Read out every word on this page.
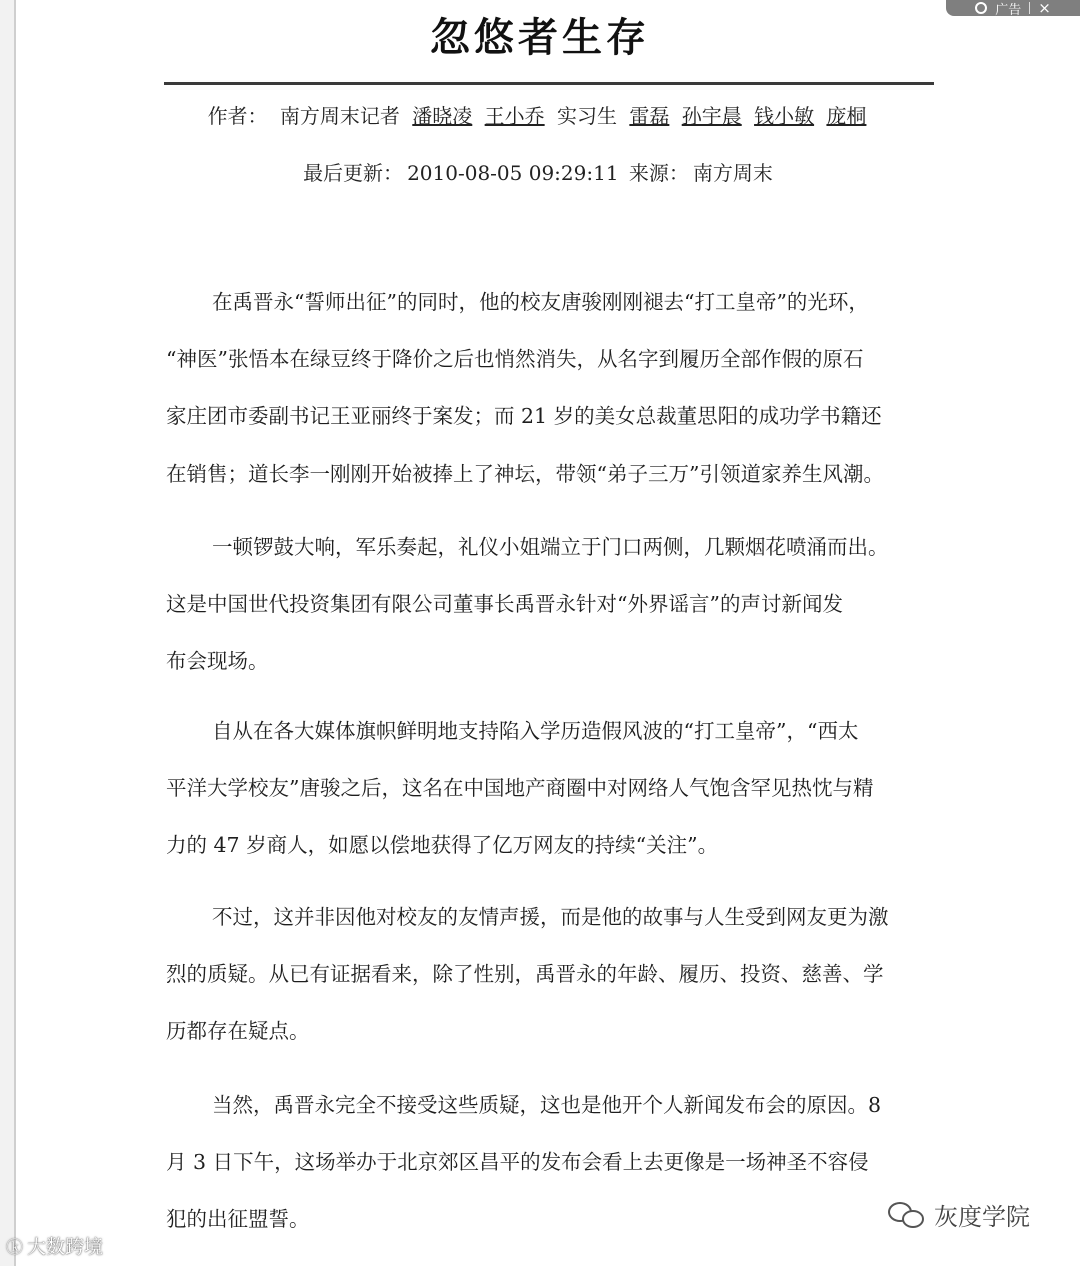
广告 ×
忽悠者生存
作者： 南方周末记者 潘晓凌 王小乔 实习生 雷磊 孙宇晨 钱小敏 庞桐
最后更新： 2010-08-05 09:29:11 来源： 南方周末
在禹晋永“誓师出征”的同时，他的校友唐骏刚刚褪去“打工皇帝”的光环，
“神医”张悟本在绿豆终于降价之后也悄然消失，从名字到履历全部作假的原石
家庄团市委副书记王亚丽终于案发；而 21 岁的美女总裁董思阳的成功学书籍还
在销售；道长李一刚刚开始被捧上了神坛，带领“弟子三万”引领道家养生风潮。
一顿锣鼓大响，军乐奏起，礼仪小姐端立于门口两侧，几颗烟花喷涌而出。
这是中国世代投资集团有限公司董事长禹晋永针对“外界谣言”的声讨新闻发
布会现场。
自从在各大媒体旗帜鲜明地支持陷入学历造假风波的“打工皇帝”，“西太
平洋大学校友”唐骏之后，这名在中国地产商圈中对网络人气饱含罕见热忱与精
力的 47 岁商人，如愿以偿地获得了亿万网友的持续“关注”。
不过，这并非因他对校友的友情声援，而是他的故事与人生受到网友更为激
烈的质疑。从已有证据看来，除了性别，禹晋永的年龄、履历、投资、慈善、学
历都存在疑点。
当然，禹晋永完全不接受这些质疑，这也是他开个人新闻发布会的原因。8
月 3 日下午，这场举办于北京郊区昌平的发布会看上去更像是一场神圣不容侵
犯的出征盟誓。
ⓚ 大数跨境
灰度学院
